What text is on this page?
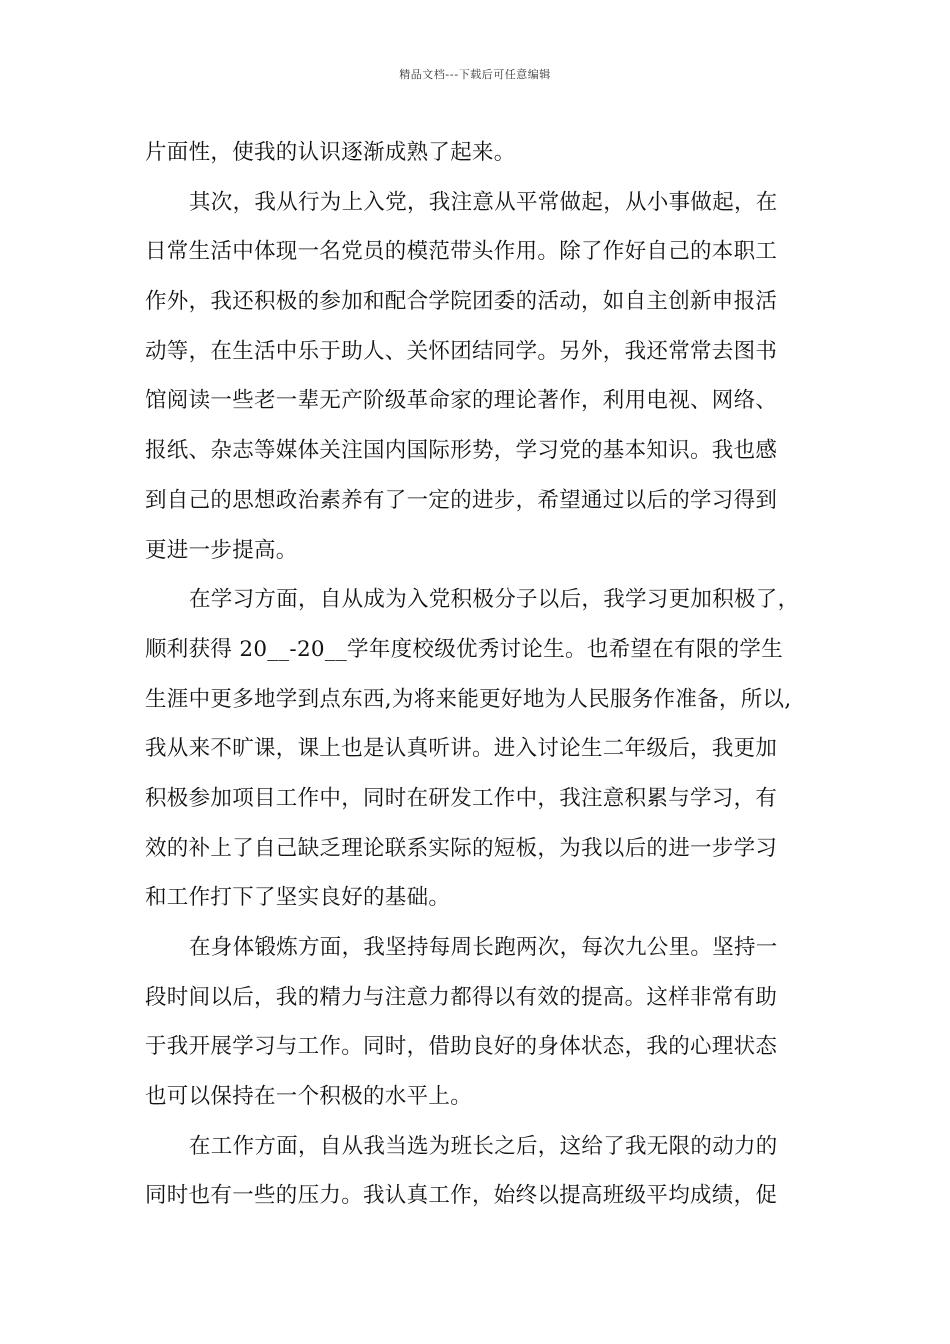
精品文档---下载后可任意编辑
片面性，使我的认识逐渐成熟了起来。
其次，我从行为上入党，我注意从平常做起，从小事做起，在
日常生活中体现一名党员的模范带头作用。除了作好自己的本职工
作外，我还积极的参加和配合学院团委的活动，如自主创新申报活
动等，在生活中乐于助人、关怀团结同学。另外，我还常常去图书
馆阅读一些老一辈无产阶级革命家的理论著作，利用电视、网络、
报纸、杂志等媒体关注国内国际形势，学习党的基本知识。我也感
到自己的思想政治素养有了一定的进步，希望通过以后的学习得到
更进一步提高。
在学习方面，自从成为入党积极分子以后，我学习更加积极了，
顺利获得 20__-20__学年度校级优秀讨论生。也希望在有限的学生
生涯中更多地学到点东西,为将来能更好地为人民服务作准备，所以,
我从来不旷课，课上也是认真听讲。进入讨论生二年级后，我更加
积极参加项目工作中，同时在研发工作中，我注意积累与学习，有
效的补上了自己缺乏理论联系实际的短板，为我以后的进一步学习
和工作打下了坚实良好的基础。
在身体锻炼方面，我坚持每周长跑两次，每次九公里。坚持一
段时间以后，我的精力与注意力都得以有效的提高。这样非常有助
于我开展学习与工作。同时，借助良好的身体状态，我的心理状态
也可以保持在一个积极的水平上。
在工作方面，自从我当选为班长之后，这给了我无限的动力的
同时也有一些的压力。我认真工作，始终以提高班级平均成绩，促
